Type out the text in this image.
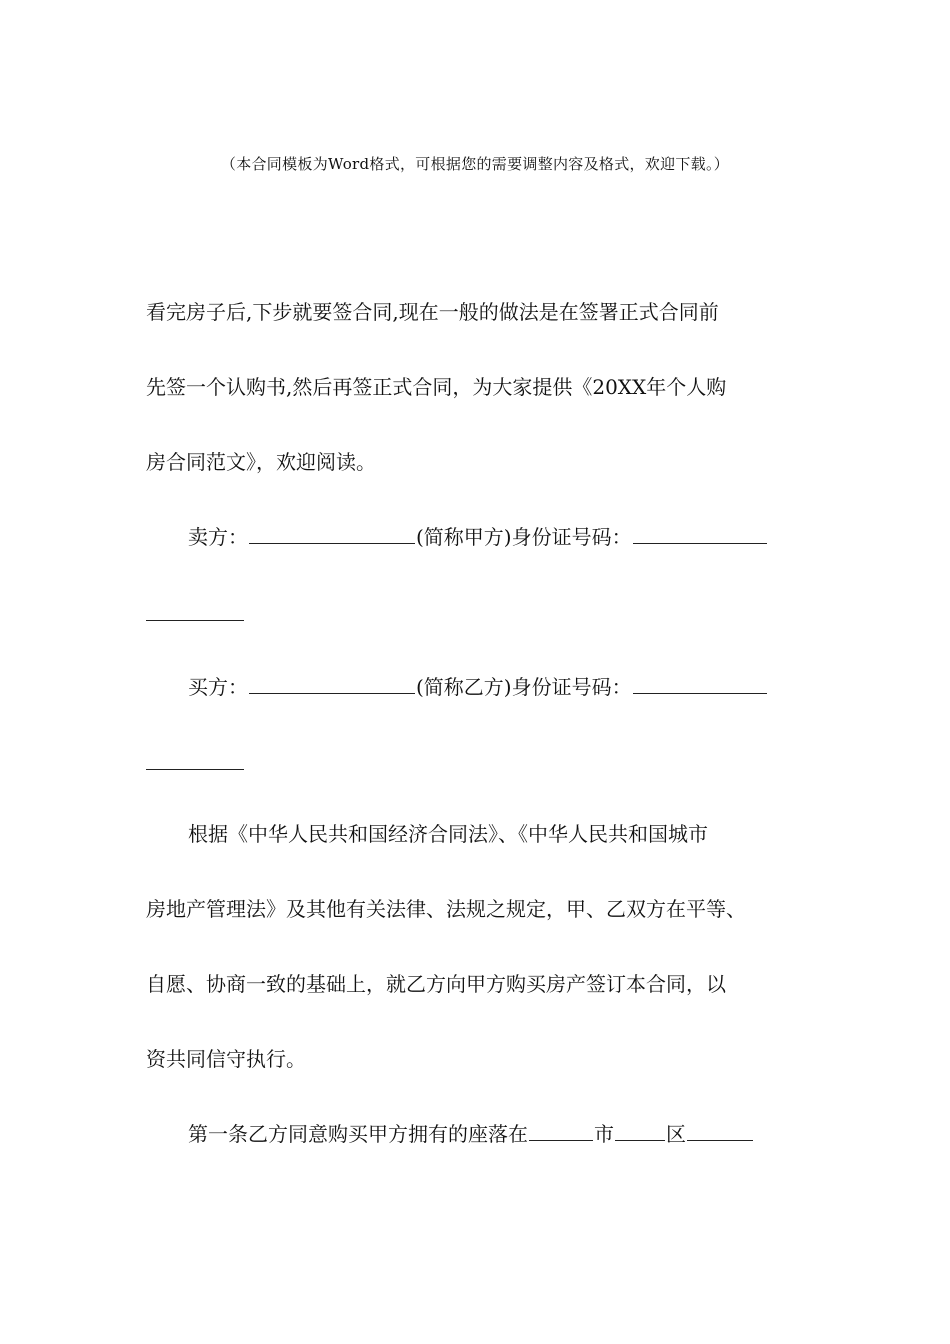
（本合同模板为Word格式，可根据您的需要调整内容及格式，欢迎下载。）
看完房子后,下步就要签合同,现在一般的做法是在签署正式合同前
先签一个认购书,然后再签正式合同，为大家提供《20XX年个人购
房合同范文》，欢迎阅读。
卖方：	(简称甲方)身份证号码：
买方：	(简称乙方)身份证号码：
根据《中华人民共和国经济合同法》、《中华人民共和国城市
房地产管理法》及其他有关法律、法规之规定，甲、乙双方在平等、
自愿、协商一致的基础上，就乙方向甲方购买房产签订本合同，以
资共同信守执行。
第一条乙方同意购买甲方拥有的座落在	市	区
